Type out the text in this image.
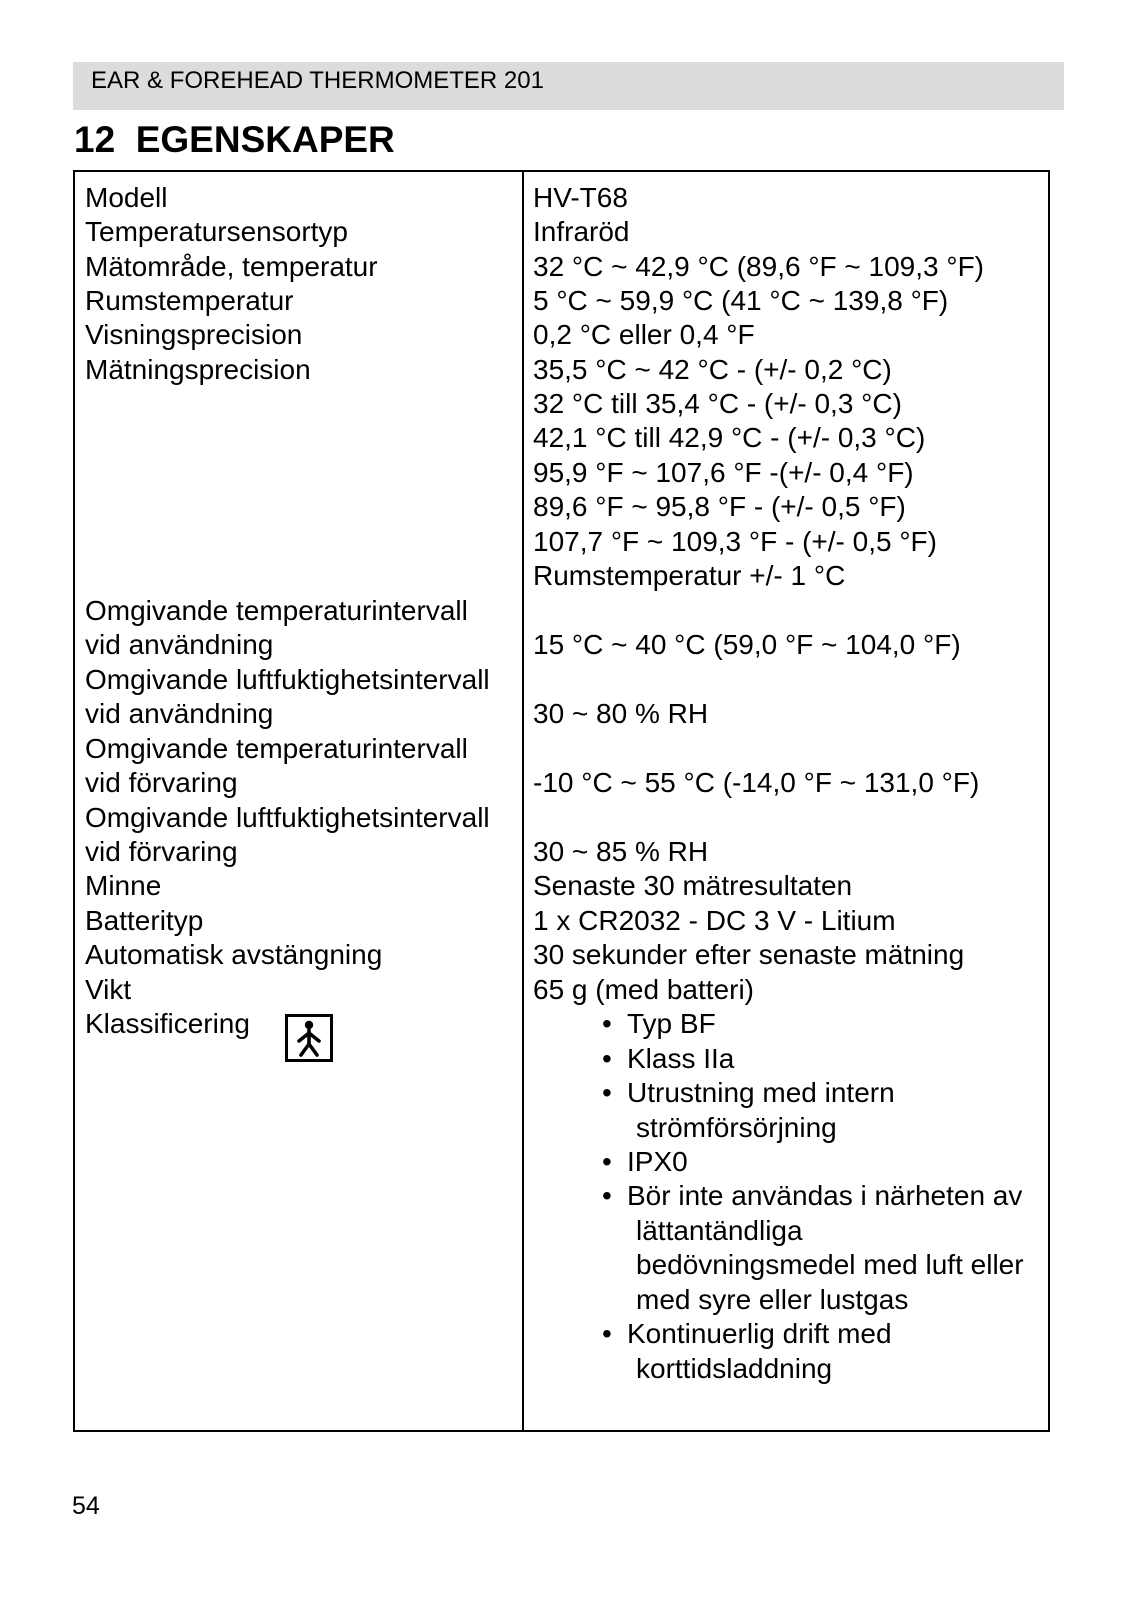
EAR & FOREHEAD THERMOMETER 201
12 EGENSKAPER
Modell
Temperatursensortyp
Mätområde, temperatur
Rumstemperatur
Visningsprecision
Mätningsprecision
Omgivande temperaturintervall
vid användning
Omgivande luftfuktighetsintervall
vid användning
Omgivande temperaturintervall
vid förvaring
Omgivande luftfuktighetsintervall
vid förvaring
Minne
Batterityp
Automatisk avstängning
Vikt
Klassificering
HV-T68
Infraröd
32 °C ~ 42,9 °C (89,6 °F ~ 109,3 °F)
5 °C ~ 59,9 °C (41 °C ~ 139,8 °F)
0,2 °C eller 0,4 °F
35,5 °C ~ 42 °C - (+/- 0,2 °C)
32 °C till 35,4 °C - (+/- 0,3 °C)
42,1 °C till 42,9 °C - (+/- 0,3 °C)
95,9 °F ~ 107,6 °F -(+/- 0,4 °F)
89,6 °F ~ 95,8 °F - (+/- 0,5 °F)
107,7 °F ~ 109,3 °F - (+/- 0,5 °F)
Rumstemperatur +/- 1 °C
15 °C ~ 40 °C (59,0 °F ~ 104,0 °F)
30 ~ 80 % RH
-10 °C ~ 55 °C (-14,0 °F ~ 131,0 °F)
30 ~ 85 % RH
Senaste 30 mätresultaten
1 x CR2032 - DC 3 V - Litium
30 sekunder efter senaste mätning
65 g (med batteri)
• Typ BF
• Klass IIa
• Utrustning med intern
strömförsörjning
• IPX0
• Bör inte användas i närheten av
lättantändliga
bedövningsmedel med luft eller
med syre eller lustgas
• Kontinuerlig drift med
korttidsladdning
54
